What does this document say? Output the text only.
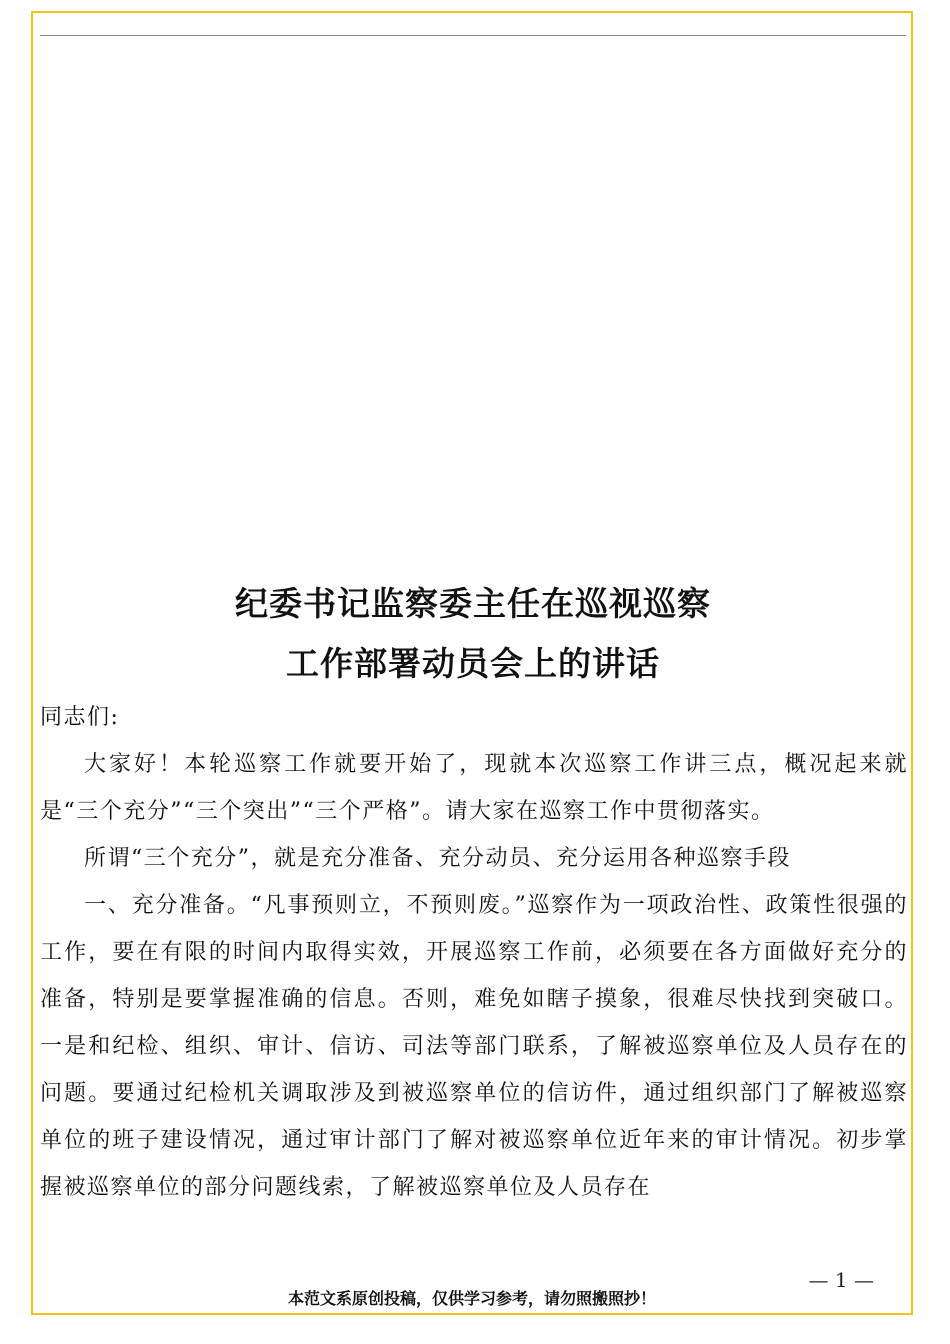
纪委书记监察委主任在巡视巡察
工作部署动员会上的讲话

同志们:

大家好！本轮巡察工作就要开始了，现就本次巡察工作讲三点，概况起来就是“三个充分”“三个突出”“三个严格”。请大家在巡察工作中贯彻落实。

所谓“三个充分”，就是充分准备、充分动员、充分运用各种巡察手段

一、充分准备。“凡事预则立，不预则废。”巡察作为一项政治性、政策性很强的工作，要在有限的时间内取得实效，开展巡察工作前，必须要在各方面做好充分的准备，特别是要掌握准确的信息。否则，难免如瞎子摸象，很难尽快找到突破口。一是和纪检、组织、审计、信访、司法等部门联系，了解被巡察单位及人员存在的问题。要通过纪检机关调取涉及到被巡察单位的信访件，通过组织部门了解被巡察单位的班子建设情况，通过审计部门了解对被巡察单位近年来的审计情况。初步掌握被巡察单位的部分问题线索，了解被巡察单位及人员存在

— 1 —
本范文系原创投稿，仅供学习参考，请勿照搬照抄！
